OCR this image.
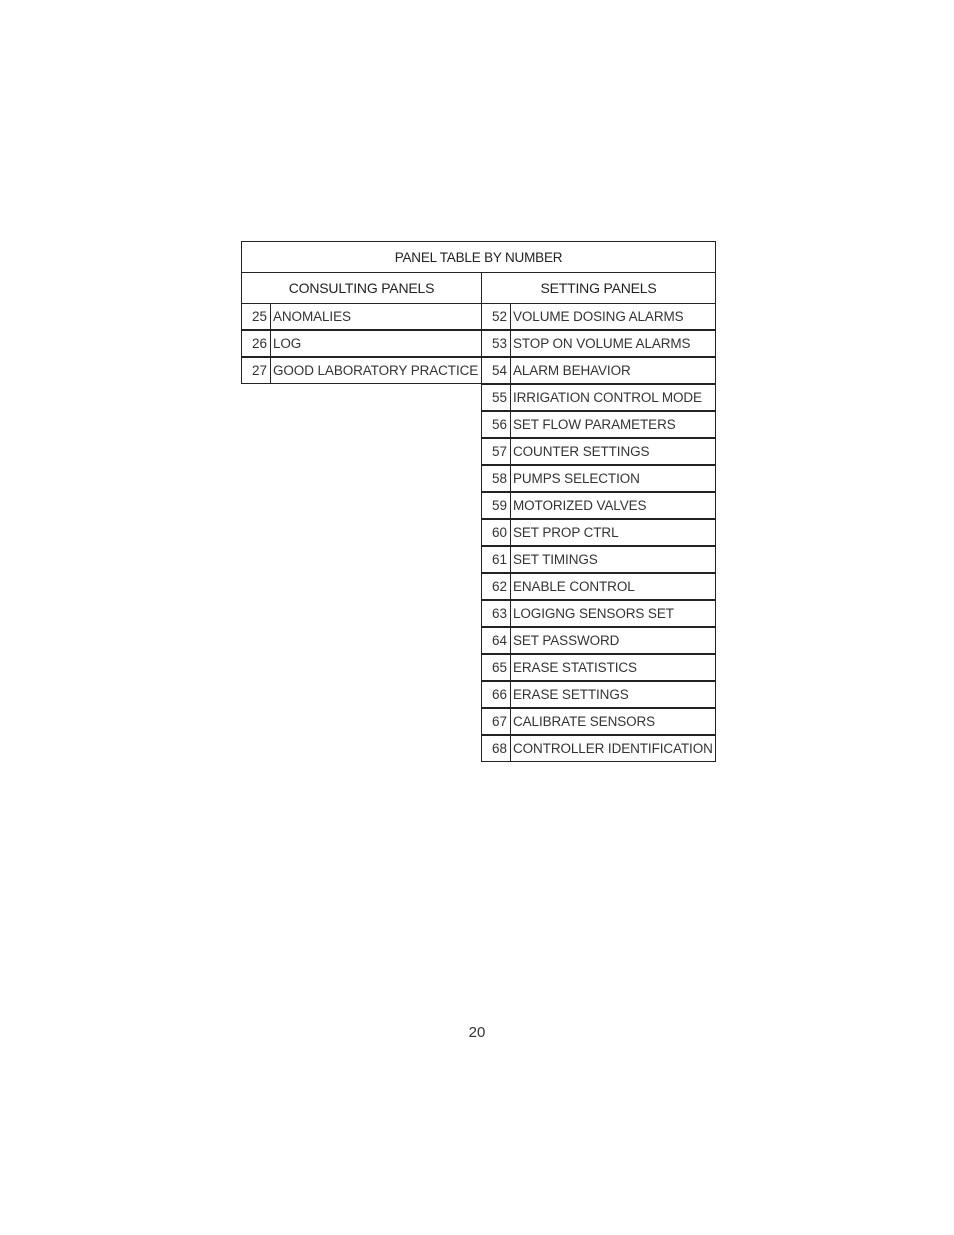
PANEL TABLE BY NUMBER
CONSULTING PANELS	SETTING PANELS
25 ANOMALIES
26 LOG
27 GOOD LABORATORY PRACTICE
52 VOLUME DOSING ALARMS
53 STOP ON VOLUME ALARMS
54 ALARM BEHAVIOR
55 IRRIGATION CONTROL MODE
56 SET FLOW PARAMETERS
57 COUNTER SETTINGS
58 PUMPS SELECTION
59 MOTORIZED VALVES
60 SET PROP CTRL
61 SET TIMINGS
62 ENABLE CONTROL
63 LOGIGNG SENSORS SET
64 SET PASSWORD
65 ERASE STATISTICS
66 ERASE SETTINGS
67 CALIBRATE SENSORS
68 CONTROLLER IDENTIFICATION
20
